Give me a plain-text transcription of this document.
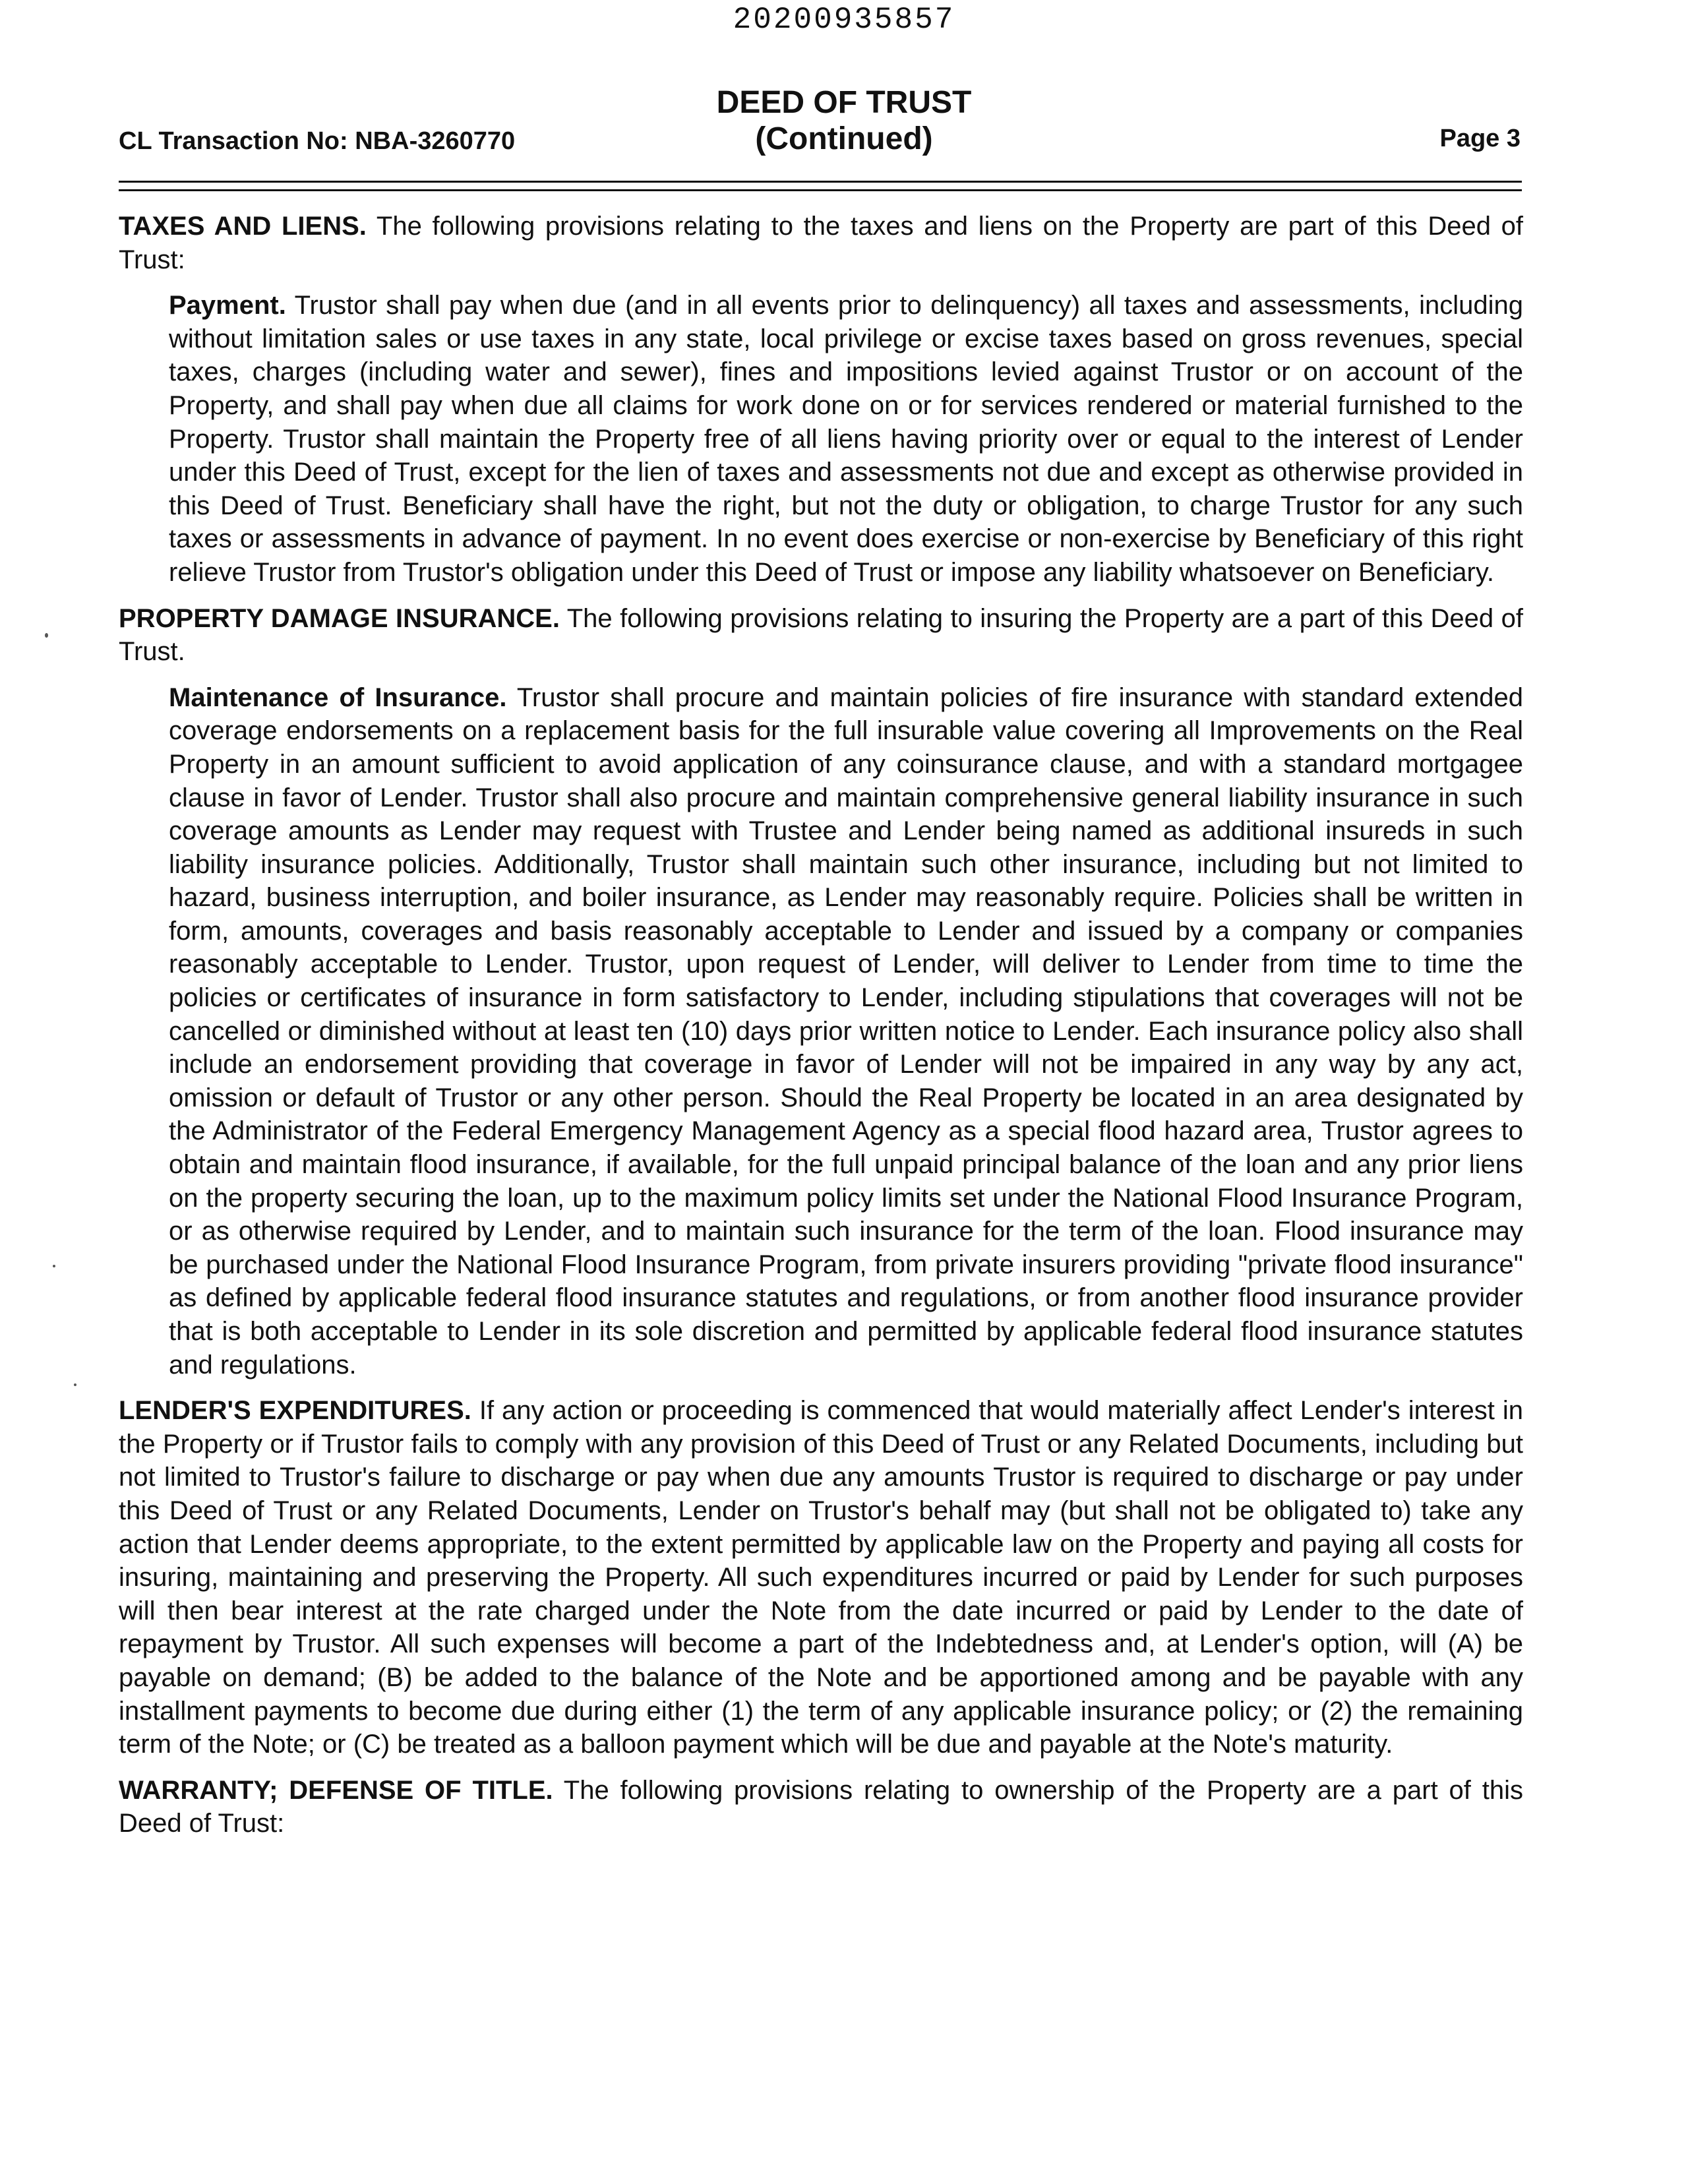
20200935857
DEED OF TRUST
(Continued)
CL Transaction No: NBA-3260770	Page 3

TAXES AND LIENS. The following provisions relating to the taxes and liens on the Property are part of this Deed of Trust:

Payment. Trustor shall pay when due (and in all events prior to delinquency) all taxes and assessments, including without limitation sales or use taxes in any state, local privilege or excise taxes based on gross revenues, special taxes, charges (including water and sewer), fines and impositions levied against Trustor or on account of the Property, and shall pay when due all claims for work done on or for services rendered or material furnished to the Property. Trustor shall maintain the Property free of all liens having priority over or equal to the interest of Lender under this Deed of Trust, except for the lien of taxes and assessments not due and except as otherwise provided in this Deed of Trust. Beneficiary shall have the right, but not the duty or obligation, to charge Trustor for any such taxes or assessments in advance of payment. In no event does exercise or non-exercise by Beneficiary of this right relieve Trustor from Trustor's obligation under this Deed of Trust or impose any liability whatsoever on Beneficiary.

PROPERTY DAMAGE INSURANCE. The following provisions relating to insuring the Property are a part of this Deed of Trust.

Maintenance of Insurance. Trustor shall procure and maintain policies of fire insurance with standard extended coverage endorsements on a replacement basis for the full insurable value covering all Improvements on the Real Property in an amount sufficient to avoid application of any coinsurance clause, and with a standard mortgagee clause in favor of Lender. Trustor shall also procure and maintain comprehensive general liability insurance in such coverage amounts as Lender may request with Trustee and Lender being named as additional insureds in such liability insurance policies. Additionally, Trustor shall maintain such other insurance, including but not limited to hazard, business interruption, and boiler insurance, as Lender may reasonably require. Policies shall be written in form, amounts, coverages and basis reasonably acceptable to Lender and issued by a company or companies reasonably acceptable to Lender. Trustor, upon request of Lender, will deliver to Lender from time to time the policies or certificates of insurance in form satisfactory to Lender, including stipulations that coverages will not be cancelled or diminished without at least ten (10) days prior written notice to Lender. Each insurance policy also shall include an endorsement providing that coverage in favor of Lender will not be impaired in any way by any act, omission or default of Trustor or any other person. Should the Real Property be located in an area designated by the Administrator of the Federal Emergency Management Agency as a special flood hazard area, Trustor agrees to obtain and maintain flood insurance, if available, for the full unpaid principal balance of the loan and any prior liens on the property securing the loan, up to the maximum policy limits set under the National Flood Insurance Program, or as otherwise required by Lender, and to maintain such insurance for the term of the loan. Flood insurance may be purchased under the National Flood Insurance Program, from private insurers providing "private flood insurance" as defined by applicable federal flood insurance statutes and regulations, or from another flood insurance provider that is both acceptable to Lender in its sole discretion and permitted by applicable federal flood insurance statutes and regulations.

LENDER'S EXPENDITURES. If any action or proceeding is commenced that would materially affect Lender's interest in the Property or if Trustor fails to comply with any provision of this Deed of Trust or any Related Documents, including but not limited to Trustor's failure to discharge or pay when due any amounts Trustor is required to discharge or pay under this Deed of Trust or any Related Documents, Lender on Trustor's behalf may (but shall not be obligated to) take any action that Lender deems appropriate, to the extent permitted by applicable law on the Property and paying all costs for insuring, maintaining and preserving the Property. All such expenditures incurred or paid by Lender for such purposes will then bear interest at the rate charged under the Note from the date incurred or paid by Lender to the date of repayment by Trustor. All such expenses will become a part of the Indebtedness and, at Lender's option, will (A) be payable on demand; (B) be added to the balance of the Note and be apportioned among and be payable with any installment payments to become due during either (1) the term of any applicable insurance policy; or (2) the remaining term of the Note; or (C) be treated as a balloon payment which will be due and payable at the Note's maturity.

WARRANTY; DEFENSE OF TITLE. The following provisions relating to ownership of the Property are a part of this Deed of Trust:
